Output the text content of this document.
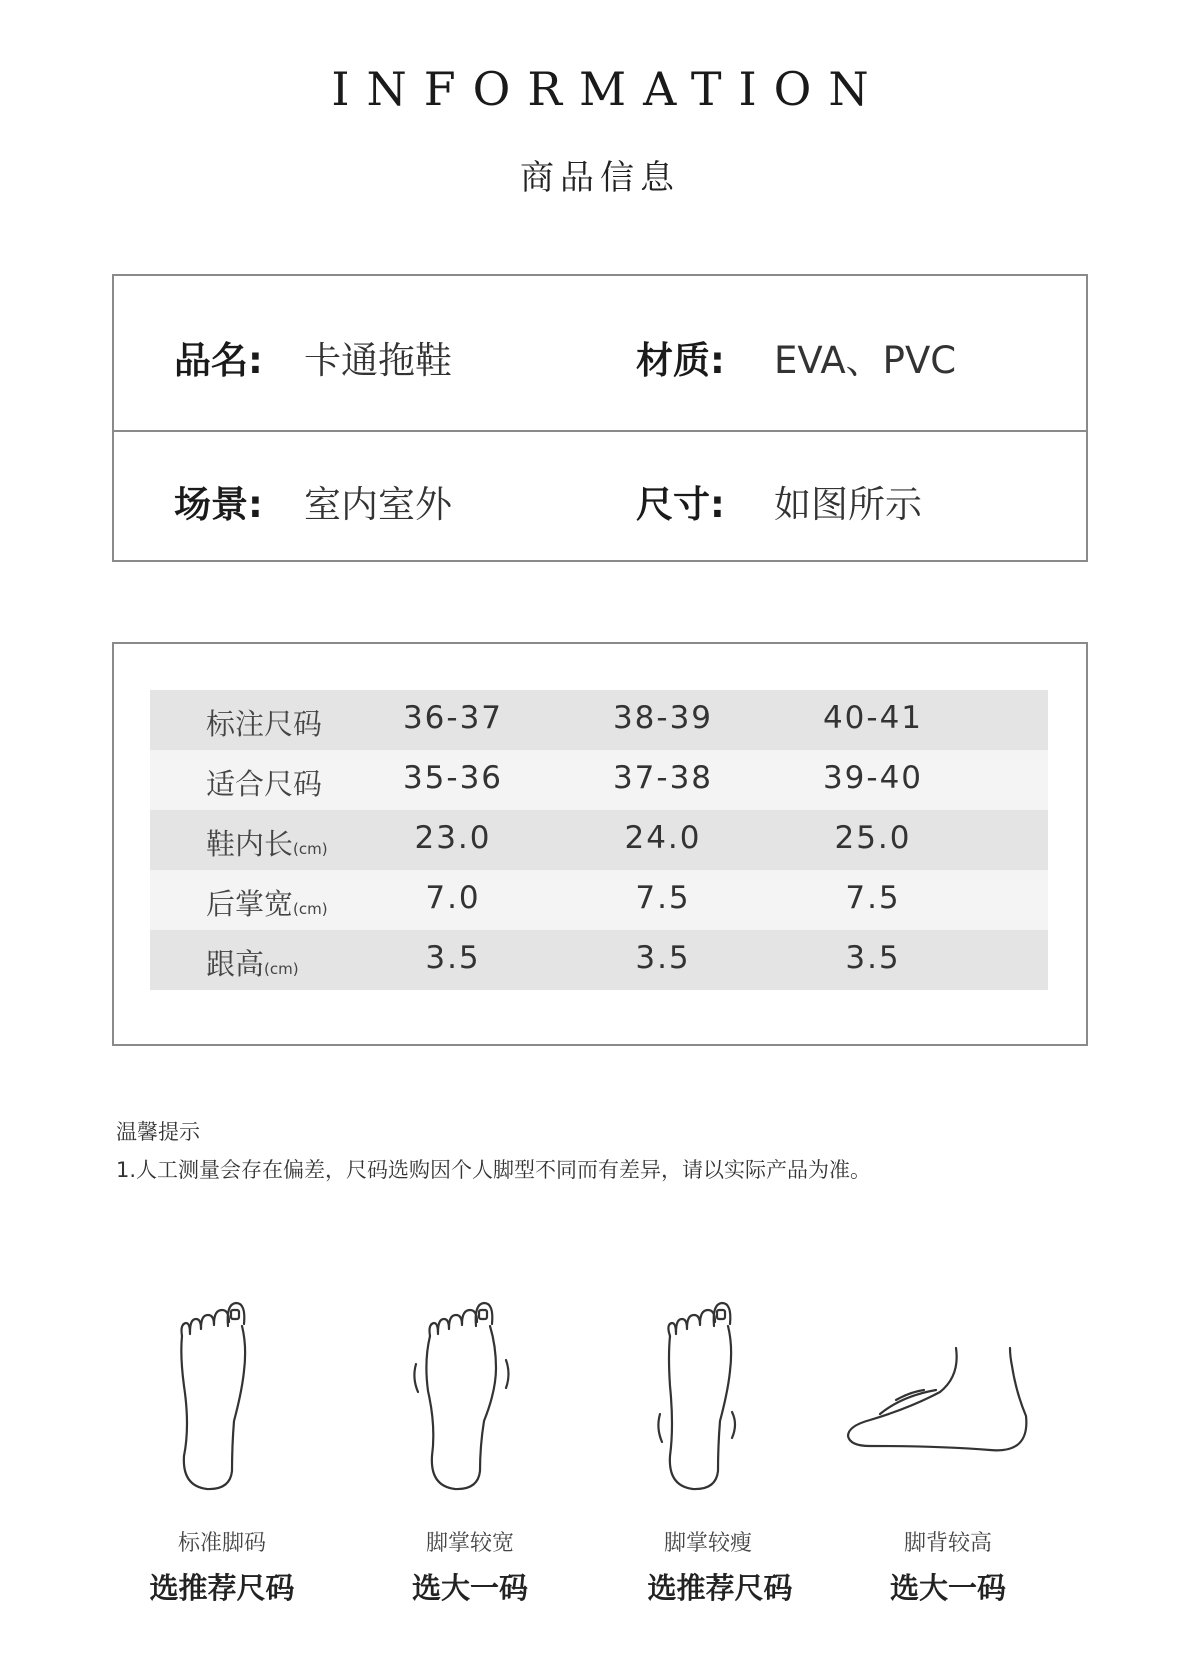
INFORMATION
商品信息
品名: 卡通拖鞋	材质: EVA、PVC
场景: 室内室外	尺寸: 如图所示
标注尺码	36-37	38-39	40-41
适合尺码	35-36	37-38	39-40
鞋内长(cm)	23.0	24.0	25.0
后掌宽(cm)	7.0	7.5	7.5
跟高(cm)	3.5	3.5	3.5
温馨提示
1.人工测量会存在偏差，尺码选购因个人脚型不同而有差异，请以实际产品为准。
标准脚码
选推荐尺码
脚掌较宽
选大一码
脚掌较瘦
选推荐尺码
脚背较高
选大一码
